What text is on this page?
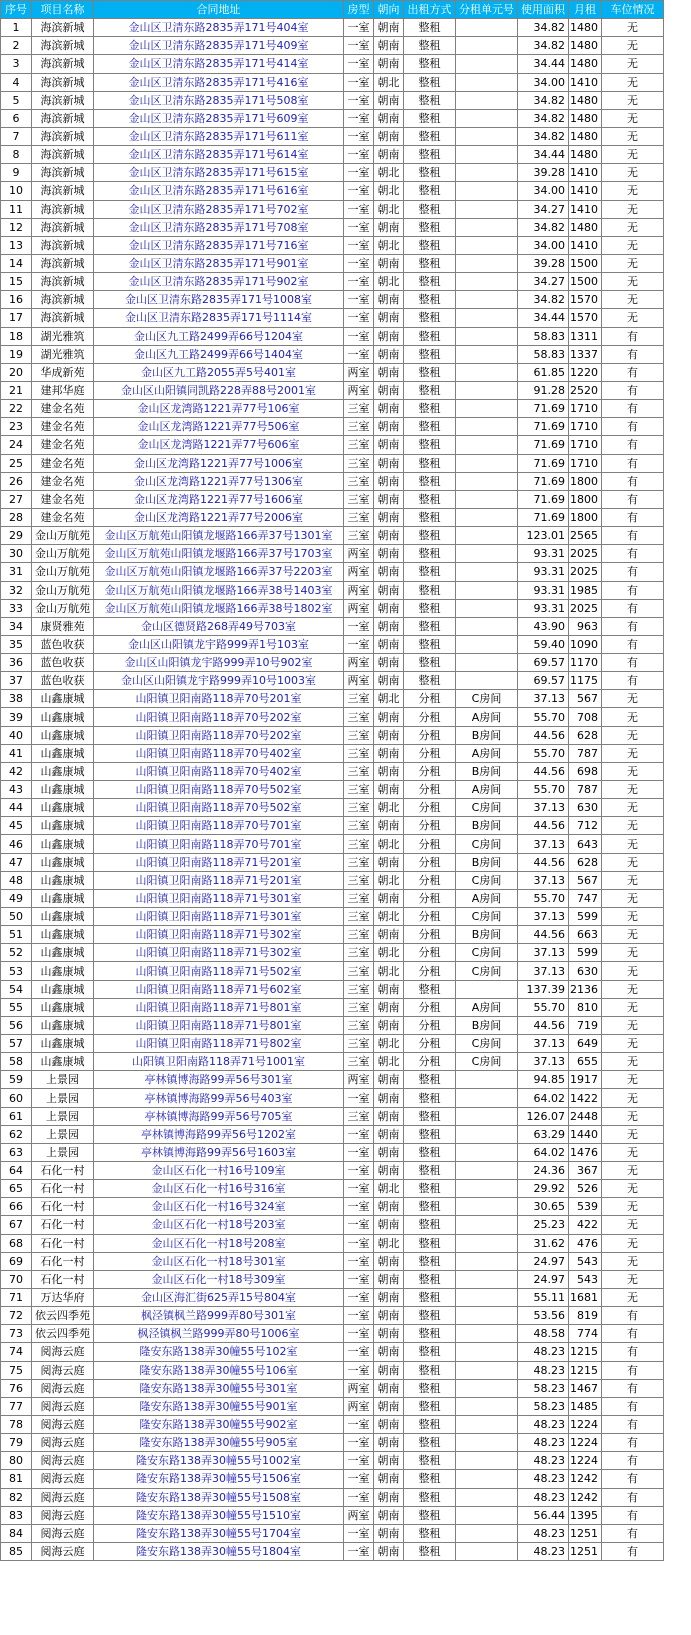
序号	项目名称	合同地址	房型	朝向	出租方式	分租单元号	使用面积	月租	车位情况
1	海滨新城	金山区卫清东路2835弄171号404室	一室	朝南	整租		34.82	1480	无
2	海滨新城	金山区卫清东路2835弄171号409室	一室	朝南	整租		34.82	1480	无
3	海滨新城	金山区卫清东路2835弄171号414室	一室	朝南	整租		34.44	1480	无
4	海滨新城	金山区卫清东路2835弄171号416室	一室	朝北	整租		34.00	1410	无
5	海滨新城	金山区卫清东路2835弄171号508室	一室	朝南	整租		34.82	1480	无
6	海滨新城	金山区卫清东路2835弄171号609室	一室	朝南	整租		34.82	1480	无
7	海滨新城	金山区卫清东路2835弄171号611室	一室	朝南	整租		34.82	1480	无
8	海滨新城	金山区卫清东路2835弄171号614室	一室	朝南	整租		34.44	1480	无
9	海滨新城	金山区卫清东路2835弄171号615室	一室	朝北	整租		39.28	1410	无
10	海滨新城	金山区卫清东路2835弄171号616室	一室	朝北	整租		34.00	1410	无
11	海滨新城	金山区卫清东路2835弄171号702室	一室	朝北	整租		34.27	1410	无
12	海滨新城	金山区卫清东路2835弄171号708室	一室	朝南	整租		34.82	1480	无
13	海滨新城	金山区卫清东路2835弄171号716室	一室	朝北	整租		34.00	1410	无
14	海滨新城	金山区卫清东路2835弄171号901室	一室	朝南	整租		39.28	1500	无
15	海滨新城	金山区卫清东路2835弄171号902室	一室	朝北	整租		34.27	1500	无
16	海滨新城	金山区卫清东路2835弄171号1008室	一室	朝南	整租		34.82	1570	无
17	海滨新城	金山区卫清东路2835弄171号1114室	一室	朝南	整租		34.44	1570	无
18	湖光雅筑	金山区九工路2499弄66号1204室	一室	朝南	整租		58.83	1311	有
19	湖光雅筑	金山区九工路2499弄66号1404室	一室	朝南	整租		58.83	1337	有
20	华成新苑	金山区九工路2055弄5号401室	两室	朝南	整租		61.85	1220	有
21	建邦华庭	金山区山阳镇同凯路228弄88号2001室	两室	朝南	整租		91.28	2520	有
22	建金名苑	金山区龙湾路1221弄77号106室	三室	朝南	整租		71.69	1710	有
23	建金名苑	金山区龙湾路1221弄77号506室	三室	朝南	整租		71.69	1710	有
24	建金名苑	金山区龙湾路1221弄77号606室	三室	朝南	整租		71.69	1710	有
25	建金名苑	金山区龙湾路1221弄77号1006室	三室	朝南	整租		71.69	1710	有
26	建金名苑	金山区龙湾路1221弄77号1306室	三室	朝南	整租		71.69	1800	有
27	建金名苑	金山区龙湾路1221弄77号1606室	三室	朝南	整租		71.69	1800	有
28	建金名苑	金山区龙湾路1221弄77号2006室	三室	朝南	整租		71.69	1800	有
29	金山万航苑	金山区万航苑山阳镇龙堰路166弄37号1301室	三室	朝南	整租		123.01	2565	有
30	金山万航苑	金山区万航苑山阳镇龙堰路166弄37号1703室	两室	朝南	整租		93.31	2025	有
31	金山万航苑	金山区万航苑山阳镇龙堰路166弄37号2203室	两室	朝南	整租		93.31	2025	有
32	金山万航苑	金山区万航苑山阳镇龙堰路166弄38号1403室	两室	朝南	整租		93.31	1985	有
33	金山万航苑	金山区万航苑山阳镇龙堰路166弄38号1802室	两室	朝南	整租		93.31	2025	有
34	康贤雅苑	金山区德贤路268弄49号703室	一室	朝南	整租		43.90	963	有
35	蓝色收获	金山区山阳镇龙宇路999弄1号103室	一室	朝南	整租		59.40	1090	有
36	蓝色收获	金山区山阳镇龙宇路999弄10号902室	两室	朝南	整租		69.57	1170	有
37	蓝色收获	金山区山阳镇龙宇路999弄10号1003室	两室	朝南	整租		69.57	1175	有
38	山鑫康城	山阳镇卫阳南路118弄70号201室	三室	朝北	分租	C房间	37.13	567	无
39	山鑫康城	山阳镇卫阳南路118弄70号202室	三室	朝南	分租	A房间	55.70	708	无
40	山鑫康城	山阳镇卫阳南路118弄70号202室	三室	朝南	分租	B房间	44.56	628	无
41	山鑫康城	山阳镇卫阳南路118弄70号402室	三室	朝南	分租	A房间	55.70	787	无
42	山鑫康城	山阳镇卫阳南路118弄70号402室	三室	朝南	分租	B房间	44.56	698	无
43	山鑫康城	山阳镇卫阳南路118弄70号502室	三室	朝南	分租	A房间	55.70	787	无
44	山鑫康城	山阳镇卫阳南路118弄70号502室	三室	朝北	分租	C房间	37.13	630	无
45	山鑫康城	山阳镇卫阳南路118弄70号701室	三室	朝南	分租	B房间	44.56	712	无
46	山鑫康城	山阳镇卫阳南路118弄70号701室	三室	朝北	分租	C房间	37.13	643	无
47	山鑫康城	山阳镇卫阳南路118弄71号201室	三室	朝南	分租	B房间	44.56	628	无
48	山鑫康城	山阳镇卫阳南路118弄71号201室	三室	朝北	分租	C房间	37.13	567	无
49	山鑫康城	山阳镇卫阳南路118弄71号301室	三室	朝南	分租	A房间	55.70	747	无
50	山鑫康城	山阳镇卫阳南路118弄71号301室	三室	朝北	分租	C房间	37.13	599	无
51	山鑫康城	山阳镇卫阳南路118弄71号302室	三室	朝南	分租	B房间	44.56	663	无
52	山鑫康城	山阳镇卫阳南路118弄71号302室	三室	朝北	分租	C房间	37.13	599	无
53	山鑫康城	山阳镇卫阳南路118弄71号502室	三室	朝北	分租	C房间	37.13	630	无
54	山鑫康城	山阳镇卫阳南路118弄71号602室	三室	朝南	整租		137.39	2136	无
55	山鑫康城	山阳镇卫阳南路118弄71号801室	三室	朝南	分租	A房间	55.70	810	无
56	山鑫康城	山阳镇卫阳南路118弄71号801室	三室	朝南	分租	B房间	44.56	719	无
57	山鑫康城	山阳镇卫阳南路118弄71号802室	三室	朝北	分租	C房间	37.13	649	无
58	山鑫康城	山阳镇卫阳南路118弄71号1001室	三室	朝北	分租	C房间	37.13	655	无
59	上景园	亭林镇博海路99弄56号301室	两室	朝南	整租		94.85	1917	无
60	上景园	亭林镇博海路99弄56号403室	一室	朝南	整租		64.02	1422	无
61	上景园	亭林镇博海路99弄56号705室	三室	朝南	整租		126.07	2448	无
62	上景园	亭林镇博海路99弄56号1202室	一室	朝南	整租		63.29	1440	无
63	上景园	亭林镇博海路99弄56号1603室	一室	朝南	整租		64.02	1476	无
64	石化一村	金山区石化一村16号109室	一室	朝南	整租		24.36	367	无
65	石化一村	金山区石化一村16号316室	一室	朝北	整租		29.92	526	无
66	石化一村	金山区石化一村16号324室	一室	朝南	整租		30.65	539	无
67	石化一村	金山区石化一村18号203室	一室	朝南	整租		25.23	422	无
68	石化一村	金山区石化一村18号208室	一室	朝北	整租		31.62	476	无
69	石化一村	金山区石化一村18号301室	一室	朝南	整租		24.97	543	无
70	石化一村	金山区石化一村18号309室	一室	朝南	整租		24.97	543	无
71	万达华府	金山区海汇街625弄15号804室	一室	朝南	整租		55.11	1681	无
72	依云四季苑	枫泾镇枫兰路999弄80号301室	一室	朝南	整租		53.56	819	有
73	依云四季苑	枫泾镇枫兰路999弄80号1006室	一室	朝南	整租		48.58	774	有
74	阅海云庭	隆安东路138弄30幢55号102室	一室	朝南	整租		48.23	1215	有
75	阅海云庭	隆安东路138弄30幢55号106室	一室	朝南	整租		48.23	1215	有
76	阅海云庭	隆安东路138弄30幢55号301室	两室	朝南	整租		58.23	1467	有
77	阅海云庭	隆安东路138弄30幢55号901室	两室	朝南	整租		58.23	1485	有
78	阅海云庭	隆安东路138弄30幢55号902室	一室	朝南	整租		48.23	1224	有
79	阅海云庭	隆安东路138弄30幢55号905室	一室	朝南	整租		48.23	1224	有
80	阅海云庭	隆安东路138弄30幢55号1002室	一室	朝南	整租		48.23	1224	有
81	阅海云庭	隆安东路138弄30幢55号1506室	一室	朝南	整租		48.23	1242	有
82	阅海云庭	隆安东路138弄30幢55号1508室	一室	朝南	整租		48.23	1242	有
83	阅海云庭	隆安东路138弄30幢55号1510室	两室	朝南	整租		56.44	1395	有
84	阅海云庭	隆安东路138弄30幢55号1704室	一室	朝南	整租		48.23	1251	有
85	阅海云庭	隆安东路138弄30幢55号1804室	一室	朝南	整租		48.23	1251	有
